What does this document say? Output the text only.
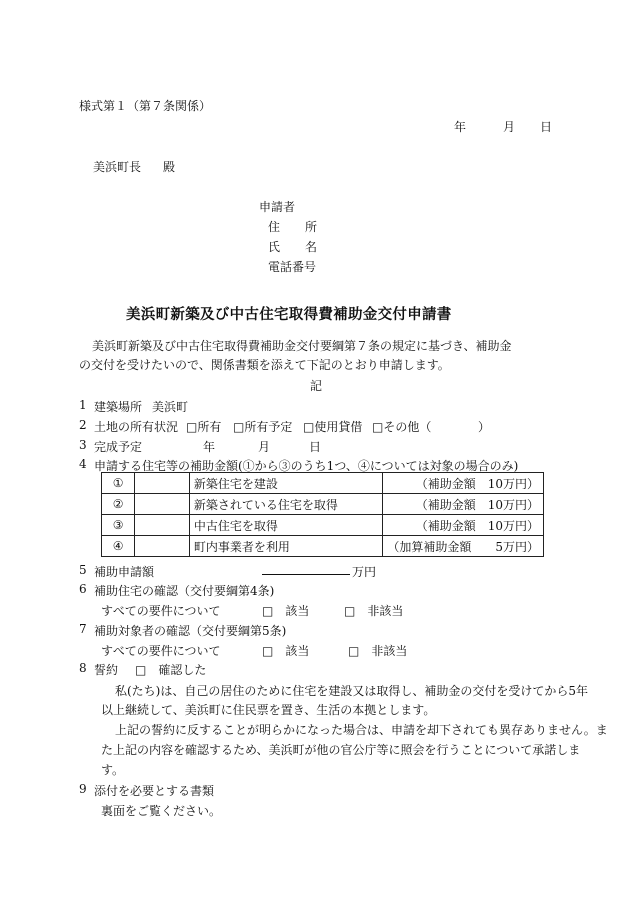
様式第１（第７条関係）
年	月 日
美浜町長 殿
申請者
住 所
氏 名
電話番号
美浜町新築及び中古住宅取得費補助金交付申請書
美浜町新築及び中古住宅取得費補助金交付要綱第７条の規定に基づき、補助金
の交付を受けたいので、関係書類を添えて下記のとおり申請します。
記
1 建築場所 美浜町
2 土地の所有状況 □所有 □所有予定 □使用貸借 □その他（	）
3 完成予定	年	月	日
4 申請する住宅等の補助金額(①から③のうち1つ、④については対象の場合のみ)
①		新築住宅を建設	（補助金額　10万円）
②		新築されている住宅を取得	（補助金額　10万円）
③		中古住宅を取得	（補助金額　10万円）
④		町内事業者を利用	（加算補助金額　　5万円）
5 補助申請額	万円
6 補助住宅の確認（交付要綱第4条)
すべての要件について	□　該当	□　非該当
7 補助対象者の確認（交付要綱第5条)
すべての要件について	□　該当	□　非該当
8 誓約 □　確認した
私(たち)は、自己の居住のために住宅を建設又は取得し、補助金の交付を受けてから5年
以上継続して、美浜町に住民票を置き、生活の本拠とします。
上記の誓約に反することが明らかになった場合は、申請を却下されても異存ありません。ま
た上記の内容を確認するため、美浜町が他の官公庁等に照会を行うことについて承諾しま
す。
9 添付を必要とする書類
裏面をご覧ください。
